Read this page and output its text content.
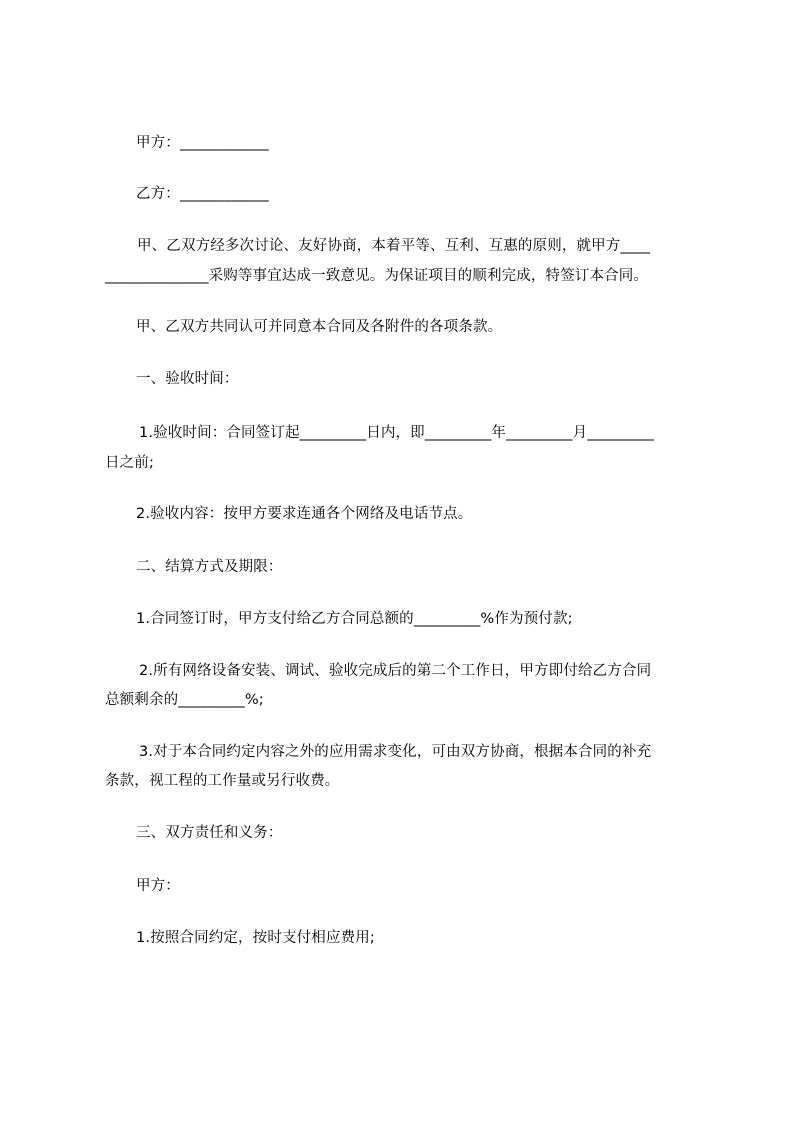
甲方：____________
乙方：____________
甲、乙双方经多次讨论、友好协商，本着平等、互利、互惠的原则，就甲方____
______________采购等事宜达成一致意见。为保证项目的顺利完成，特签订本合同。
甲、乙双方共同认可并同意本合同及各附件的各项条款。
一、验收时间：
1.验收时间：合同签订起_________日内，即_________年_________月_________
日之前;
2.验收内容：按甲方要求连通各个网络及电话节点。
二、结算方式及期限：
1.合同签订时，甲方支付给乙方合同总额的_________%作为预付款;
2.所有网络设备安装、调试、验收完成后的第二个工作日，甲方即付给乙方合同
总额剩余的_________%;
3.对于本合同约定内容之外的应用需求变化，可由双方协商，根据本合同的补充
条款，视工程的工作量或另行收费。
三、双方责任和义务：
甲方：
1.按照合同约定，按时支付相应费用;
